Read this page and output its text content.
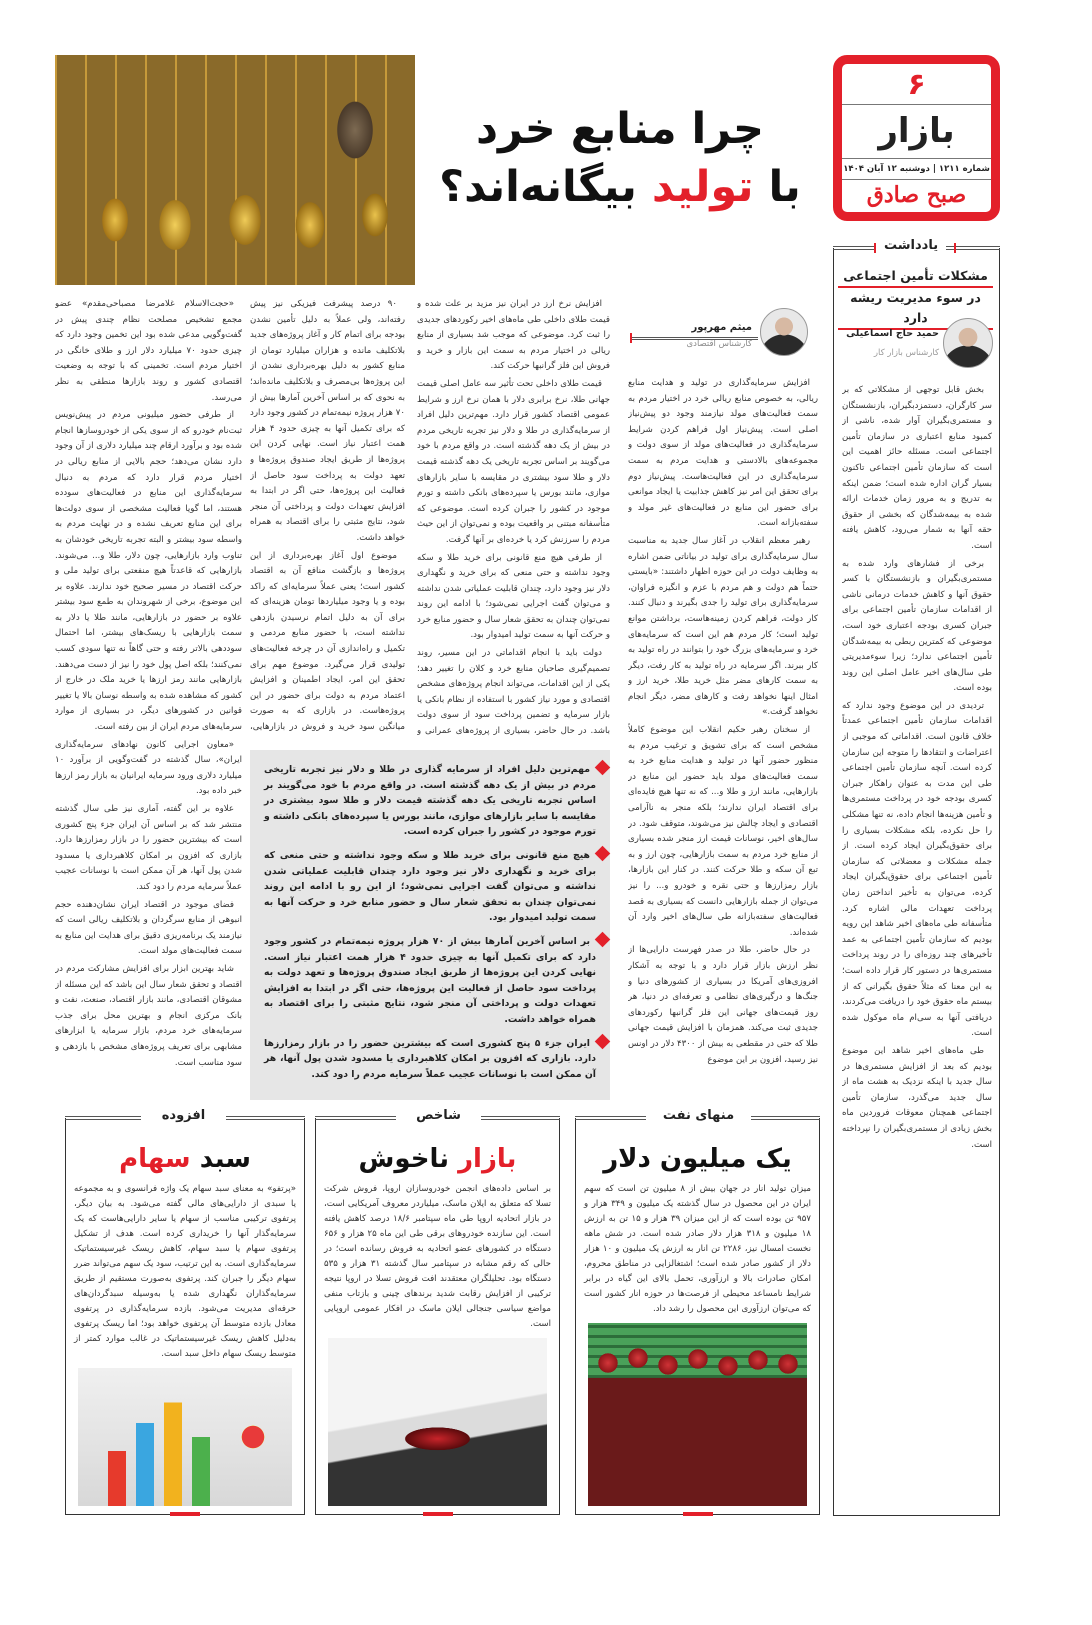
۶
بازار
شماره ۱۲۱۱ | دوشنبه ۱۲ آبان ۱۴۰۴
صبح صادق
چرا منابع خرد
با تولید بیگانه‌اند؟
میثم مهرپور
کارشناس اقتصادی

افزایش سرمایه‌گذاری در تولید و هدایت منابع ریالی، به خصوص منابع ریالی خرد در اختیار مردم به سمت فعالیت‌های مولد نیازمند وجود دو پیش‌نیاز اصلی است. پیش‌نیاز اول فراهم کردن شرایط سرمایه‌گذاری در فعالیت‌های مولد از سوی دولت و مجموعه‌های بالادستی و هدایت مردم به سمت سرمایه‌گذاری در این فعالیت‌هاست. پیش‌نیاز دوم برای تحقق این امر نیز کاهش جذابیت یا ایجاد موانعی برای حضور این منابع در فعالیت‌های غیر مولد و سفته‌بازانه است.

رهبر معظم انقلاب در آغاز سال جدید به مناسبت سال سرمایه‌گذاری برای تولید در بیاناتی ضمن اشاره به وظایف دولت در این حوزه اظهار داشتند: «بایستی حتماً هم دولت و هم مردم با عزم و انگیزه فراوان، سرمایه‌گذاری برای تولید را جدی بگیرند و دنبال کنند. کار دولت، فراهم کردن زمینه‌هاست، برداشتن موانع تولید است؛ کار مردم هم این است که سرمایه‌های خرد و سرمایه‌های بزرگ خود را بتوانند در راه تولید به کار ببرند. اگر سرمایه در راه تولید به کار رفت، دیگر به سمت کارهای مضر مثل خرید طلا، خرید ارز و امثال اینها نخواهد رفت و کارهای مضر، دیگر انجام نخواهد گرفت.»

از سخنان رهبر حکیم انقلاب این موضوع کاملاً مشخص است که برای تشویق و ترغیب مردم به منظور حضور آنها در تولید و هدایت منابع خرد به سمت فعالیت‌های مولد باید حضور این منابع در بازارهایی، مانند ارز و طلا و... که نه تنها هیچ فایده‌ای برای اقتصاد ایران ندارند؛ بلکه منجر به ناآرامی اقتصادی و ایجاد چالش نیز می‌شوند، متوقف شود. در سال‌های اخیر، نوسانات قیمت ارز منجر شده بسیاری از منابع خرد مردم به سمت بازارهایی، چون ارز و به تبع آن سکه و طلا حرکت کنند. در کنار این بازارها، بازار رمزارزها و حتی نقره و خودرو و... را نیز می‌توان از جمله بازارهایی دانست که بسیاری به قصد فعالیت‌های سفته‌بازانه طی سال‌های اخیر وارد آن شده‌اند.

در حال حاضر، طلا در صدر فهرست دارایی‌ها از نظر ارزش بازار قرار دارد و با توجه به آشکار افروزی‌های آمریکا در بسیاری از کشورهای دنیا و جنگ‌ها و درگیری‌های نظامی و تعرفه‌ای در دنیا، هر روز قیمت‌های جهانی این فلز گرانبها رکوردهای جدیدی ثبت می‌کند. همزمان با افزایش قیمت جهانی طلا که حتی در مقطعی به بیش از ۴۳۰۰ دلار در اونس نیز رسید، افزون بر این موضوع

افزایش نرخ ارز در ایران نیز مزید بر علت شده و قیمت طلای داخلی طی ماه‌های اخیر رکوردهای جدیدی را ثبت کرد. موضوعی که موجب شد بسیاری از منابع ریالی در اختیار مردم به سمت این بازار و خرید و فروش این فلز گرانبها حرکت کند.

قیمت طلای داخلی تحت تأثیر سه عامل اصلی قیمت جهانی طلا، نرخ برابری دلار با همان نرخ ارز و شرایط عمومی اقتصاد کشور قرار دارد. مهم‌ترین دلیل افراد از سرمایه‌گذاری در طلا و دلار نیز تجربه تاریخی مردم در بیش از یک دهه گذشته است. در واقع مردم با خود می‌گویند بر اساس تجربه تاریخی یک دهه گذشته قیمت دلار و طلا سود بیشتری در مقایسه با سایر بازارهای موازی، مانند بورس یا سپرده‌های بانکی داشته و تورم موجود در کشور را جبران کرده است. موضوعی که متأسفانه مبتنی بر واقعیت بوده و نمی‌توان از این حیث مردم را سرزنش کرد یا خرده‌ای بر آنها گرفت.

از طرفی هیچ منع قانونی برای خرید طلا و سکه وجود نداشته و حتی منعی که برای خرید و نگهداری دلار نیز وجود دارد، چندان قابلیت عملیاتی شدن نداشته و می‌توان گفت اجرایی نمی‌شود؛ با ادامه این روند نمی‌توان چندان به تحقق شعار سال و حضور منابع خرد و حرکت آنها به سمت تولید امیدوار بود.

دولت باید با انجام اقداماتی در این مسیر، روند تصمیم‌گیری صاحبان منابع خرد و کلان را تغییر دهد؛ یکی از این اقدامات، می‌تواند انجام پروژه‌های مشخص اقتصادی و مورد نیاز کشور با استفاده از نظام بانکی یا بازار سرمایه و تضمین پرداخت سود از سوی دولت باشد. در حال حاضر، بسیاری از پروژه‌های عمرانی و

۹۰ درصد پیشرفت فیزیکی نیز پیش رفته‌اند، ولی عملاً به دلیل تأمین نشدن بودجه برای اتمام کار و آغاز پروژه‌های جدید بلاتکلیف مانده و هزاران میلیارد تومان از منابع کشور به دلیل بهره‌برداری نشدن از این پروژه‌ها بی‌مصرف و بلاتکلیف مانده‌اند؛ به نحوی که بر اساس آخرین آمارها بیش از ۷۰ هزار پروژه نیمه‌تمام در کشور وجود دارد که برای تکمیل آنها به چیزی حدود ۴ هزار همت اعتبار نیاز است. نهایی کردن این پروژه‌ها از طریق ایجاد صندوق پروژه‌ها و تعهد دولت به پرداخت سود حاصل از فعالیت این پروژه‌ها، حتی اگر در ابتدا به افزایش تعهدات دولت و پرداختی آن منجر شود، نتایج مثبتی را برای اقتصاد به همراه خواهد داشت.

موضوع اول آغاز بهره‌برداری از این پروژه‌ها و بازگشت منافع آن به اقتصاد کشور است؛ یعنی عملاً سرمایه‌ای که راکد بوده و یا وجود میلیاردها تومان هزینه‌ای که برای آن به دلیل اتمام نرسیدن بازدهی نداشته است، با حضور منابع مردمی و تکمیل و راه‌اندازی آن در چرخه فعالیت‌های تولیدی قرار می‌گیرد. موضوع مهم برای تحقق این امر، ایجاد اطمینان و افزایش اعتماد مردم به دولت برای حضور در این پروژه‌هاست. در بازاری که به صورت میانگین سود خرید و فروش در بازارهایی،

«حجت‌الاسلام غلامرضا مصباحی‌مقدم» عضو مجمع تشخیص مصلحت نظام چندی پیش در گفت‌وگویی مدعی شده بود این تخمین وجود دارد که چیزی حدود ۷۰ میلیارد دلار ارز و طلای خانگی در اختیار مردم است. تخمینی که با توجه به وضعیت اقتصادی کشور و روند بازارها منطقی به نظر می‌رسد.

از طرفی حضور میلیونی مردم در پیش‌نویس ثبت‌نام خودرو که از سوی یکی از خودروسازها انجام شده بود و برآورد ارقام چند میلیارد دلاری از آن وجود دارد نشان می‌دهد؛ حجم بالایی از منابع ریالی در اختیار مردم قرار دارد که مردم به دنبال سرمایه‌گذاری این منابع در فعالیت‌های سودده هستند، اما گویا فعالیت مشخصی از سوی دولت‌ها برای این منابع تعریف نشده و در نهایت مردم به واسطه سود بیشتر و البته تجربه تاریخی خودشان به تناوب وارد بازارهایی، چون دلار، طلا و... می‌شوند. بازارهایی که قاعدتاً هیچ منفعتی برای تولید ملی و حرکت اقتصاد در مسیر صحیح خود ندارند. علاوه بر این موضوع، برخی از شهروندان به طمع سود بیشتر علاوه بر حضور در بازارهایی، مانند طلا یا دلار به سمت بازارهایی با ریسک‌های بیشتر، اما احتمال سوددهی بالاتر رفته و حتی گاهاً نه تنها سودی کسب نمی‌کنند؛ بلکه اصل پول خود را نیز از دست می‌دهند. بازارهایی مانند رمز ارزها یا خرید ملک در خارج از کشور که مشاهده شده به واسطه نوسان بالا یا تغییر قوانین در کشورهای دیگر، در بسیاری از موارد سرمایه‌های مردم ایران از بین رفته است.

«معاون اجرایی کانون نهادهای سرمایه‌گذاری ایران»، سال گذشته در گفت‌وگویی از برآورد ۱۰ میلیارد دلاری ورود سرمایه ایرانیان به بازار رمز ارزها خبر داده بود.

علاوه بر این گفته، آماری نیز طی سال گذشته منتشر شد که بر اساس آن ایران جزء پنج کشوری است که بیشترین حضور را در بازار رمزارزها دارد. بازاری که افزون بر امکان کلاهبرداری یا مسدود شدن پول آنها، هر آن ممکن است با نوسانات عجیب عملاً سرمایه مردم را دود کند.

فضای موجود در اقتصاد ایران نشان‌دهنده حجم انبوهی از منابع سرگردان و بلاتکلیف ریالی است که نیازمند یک برنامه‌ریزی دقیق برای هدایت این منابع به سمت فعالیت‌های مولد است.

شاید بهترین ابزار برای افزایش مشارکت مردم در اقتصاد و تحقق شعار سال این باشد که این مسئله از مشوقان اقتصادی، مانند بازار اقتصاد، صنعت، نفت و بانک مرکزی انجام و بهترین محل برای جذب سرمایه‌های خرد مردم، بازار سرمایه یا ابزارهای مشابهی برای تعریف پروژه‌های مشخص با بازدهی و سود مناسب است.

مهم‌ترین دلیل افراد از سرمایه گذاری در طلا و دلار نیز تجربه تاریخی مردم در بیش از یک دهه گذشته است. در واقع مردم با خود می‌گویند بر اساس تجربه تاریخی یک دهه گذشته قیمت دلار و طلا سود بیشتری در مقایسه با سایر بازارهای موازی، مانند بورس یا سپرده‌های بانکی داشته و تورم موجود در کشور را جبران کرده است.
هیچ منع قانونی برای خرید طلا و سکه وجود نداشته و حتی منعی که برای خرید و نگهداری دلار نیز وجود دارد چندان قابلیت عملیاتی شدن نداشته و می‌توان گفت اجرایی نمی‌شود؛ از این رو با ادامه این روند نمی‌توان چندان به تحقق شعار سال و حضور منابع خرد و حرکت آنها به سمت تولید امیدوار بود.
بر اساس آخرین آمارها بیش از ۷۰ هزار پروژه نیمه‌تمام در کشور وجود دارد که برای تکمیل آنها به چیزی حدود ۴ هزار همت اعتبار نیاز است. نهایی کردن این پروژه‌ها از طریق ایجاد صندوق پروژه‌ها و تعهد دولت به پرداخت سود حاصل از فعالیت این پروژه‌ها، حتی اگر در ابتدا به افزایش تعهدات دولت و پرداختی آن منجر شود، نتایج مثبتی را برای اقتصاد به همراه خواهد داشت.
ایران جزء ۵ پنج کشوری است که بیشترین حضور را در بازار رمزارزها دارد. بازاری که افزون بر امکان کلاهبرداری یا مسدود شدن پول آنها، هر آن ممکن است با نوسانات عجیب عملاً سرمایه مردم را دود کند.
یادداشت
مشکلات تأمین اجتماعی
در سوء مدیریت ریشه دارد
حمید حاج اسماعیلی
کارشناس بازار کار

بخش قابل توجهی از مشکلاتی که بر سر کارگران، دستمزدبگیران، بازنشستگان و مستمری‌بگیران آوار شده، ناشی از کمبود منابع اعتباری در سازمان تأمین اجتماعی است. مسئله حائز اهمیت این است که سازمان تأمین اجتماعی تاکنون بسیار گران اداره شده است؛ ضمن اینکه به تدریج و به مرور زمان خدمات ارائه شده به بیمه‌شدگان که بخشی از حقوق حقه آنها به شمار می‌رود، کاهش یافته است.

برخی از فشارهای وارد شده به مستمری‌بگیران و بازنشستگان با کسر حقوق آنها و کاهش خدمات درمانی ناشی از اقدامات سازمان تأمین اجتماعی برای جبران کسری بودجه اعتباری خود است، موضوعی که کمترین ربطی به بیمه‌شدگان تأمین اجتماعی ندارد؛ زیرا سوءمدیریتی طی سال‌های اخیر عامل اصلی این روند بوده است.

تردیدی در این موضوع وجود ندارد که اقدامات سازمان تأمین اجتماعی عمدتاً خلاف قانون است. اقداماتی که موجبی از اعتراضات و انتقادها را متوجه این سازمان کرده است. آنچه سازمان تأمین اجتماعی طی این مدت به عنوان راهکار جبران کسری بودجه خود در پرداخت مستمری‌ها و تأمین هزینه‌ها انجام داده، نه تنها مشکلی را حل نکرده، بلکه مشکلات بسیاری را برای حقوق‌بگیران ایجاد کرده است. از جمله مشکلات و معضلاتی که سازمان تأمین اجتماعی برای حقوق‌بگیران ایجاد کرده، می‌توان به تأخیر انداختن زمان پرداخت تعهدات مالی اشاره کرد. متأسفانه طی ماه‌های اخیر شاهد این رویه بودیم که سازمان تأمین اجتماعی به عمد تأخیرهای چند روزه‌ای را در روند پرداخت مستمری‌ها در دستور کار قرار داده است؛ به این معنا که مثلاً حقوق بگیرانی که از بیستم ماه حقوق خود را دریافت می‌کردند، دریافتی آنها به سی‌ام ماه موکول شده است.

طی ماه‌های اخیر شاهد این موضوع بودیم که بعد از افزایش مستمری‌ها در سال جدید با اینکه نزدیک به هشت ماه از سال جدید می‌گذرد، سازمان تأمین اجتماعی همچنان معوقات فروردین ماه بخش زیادی از مستمری‌بگیران را نپرداخته است.

منهای نفت
یک میلیون دلار
میزان تولید انار در جهان بیش از ۸ میلیون تن است که سهم ایران در این محصول در سال گذشته یک میلیون و ۳۴۹ هزار و ۹۵۷ تن بوده است که از این میزان ۳۹ هزار و ۱۵ تن به ارزش ۱۸ میلیون و ۳۱۸ هزار دلار صادر شده است. در شش ماهه نخست امسال نیز، ۲۲۸۶ تن انار به ارزش یک میلیون و ۱۰ هزار دلار از کشور صادر شده است؛ اشتغالزایی در مناطق محروم، امکان صادرات بالا و ارزآوری، تحمل بالای این گیاه در برابر شرایط نامساعد محیطی از فرصت‌ها در حوزه انار کشور است که می‌توان ارزآوری این محصول را رشد داد.
شاخص
بازار ناخوش
بر اساس داده‌های انجمن خودروسازان اروپا، فروش شرکت تسلا که متعلق به ایلان ماسک، میلیاردر معروف آمریکایی است، در بازار اتحادیه اروپا طی ماه سپتامبر ۱۸/۶ درصد کاهش یافته است. این سازنده خودروهای برقی طی این ماه ۲۵ هزار و ۶۵۶ دستگاه در کشورهای عضو اتحادیه به فروش رسانده است؛ در حالی که رقم مشابه در سپتامبر سال گذشته ۳۱ هزار و ۵۳۵ دستگاه بود. تحلیلگران معتقدند افت فروش تسلا در اروپا نتیجه ترکیبی از افزایش رقابت شدید برندهای چینی و بازتاب منفی مواضع سیاسی جنجالی ایلان ماسک در افکار عمومی اروپایی است.
افزوده
سبد سهام
«پرتفو» به معنای سبد سهام یک واژه فرانسوی و به مجموعه یا سبدی از دارایی‌های مالی گفته می‌شود. به بیان دیگر، پرتفوی ترکیبی مناسب از سهام یا سایر دارایی‌هاست که یک سرمایه‌گذار آنها را خریداری کرده است. هدف از تشکیل پرتفوی سهام یا سبد سهام، کاهش ریسک غیرسیستماتیک سرمایه‌گذاری است. به این ترتیب، سود یک سهم می‌تواند ضرر سهام دیگر را جبران کند. پرتفوی به‌صورت مستقیم از طریق سرمایه‌گذاران نگهداری شده یا به‌وسیله سبدگردان‌های حرفه‌ای مدیریت می‌شود. بازده سرمایه‌گذاری در پرتفوی معادل بازده متوسط آن پرتفوی خواهد بود؛ اما ریسک پرتفوی به‌دلیل کاهش ریسک غیرسیستماتیک در غالب موارد کمتر از متوسط ریسک سهام داخل سبد است.
